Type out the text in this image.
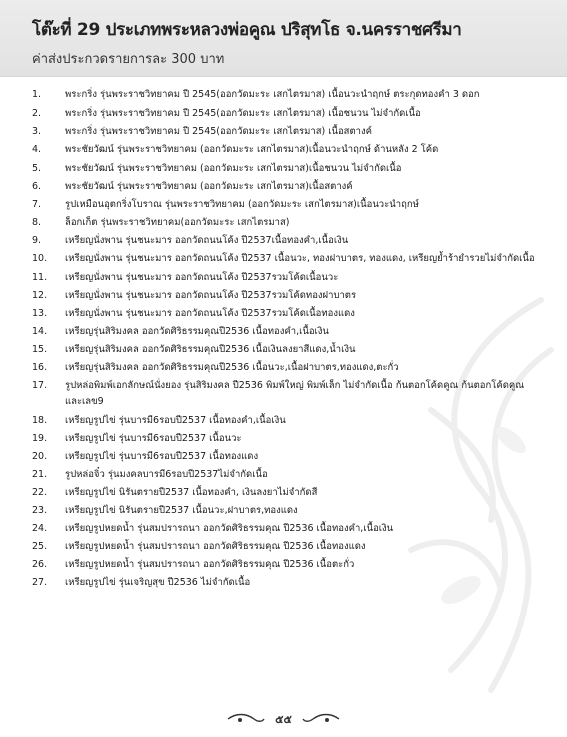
โต๊ะที่ 29 ประเภทพระหลวงพ่อคูณ ปริสุทโธ จ.นครราชศรีมา
ค่าส่งประกวดรายการละ 300 บาท
1.	พระกริ่ง รุ่นพระราชวิทยาคม ปี 2545(ออกวัดมะระ เสกไตรมาส) เนื้อนวะนำฤกษ์ ตระกุดทองคำ 3 ดอก
2.	พระกริ่ง รุ่นพระราชวิทยาคม ปี 2545(ออกวัดมะระ เสกไตรมาส) เนื้อชนวน ไม่จำกัดเนื้อ
3.	พระกริ่ง รุ่นพระราชวิทยาคม ปี 2545(ออกวัดมะระ เสกไตรมาส) เนื้อสตางค์
4.	พระชัยวัฒน์ รุ่นพระราชวิทยาคม (ออกวัดมะระ เสกไตรมาส)เนื้อนวะนำฤกษ์ ด้านหลัง 2 โค้ด
5.	พระชัยวัฒน์ รุ่นพระราชวิทยาคม (ออกวัดมะระ เสกไตรมาส)เนื้อชนวน ไม่จำกัดเนื้อ
6.	พระชัยวัฒน์ รุ่นพระราชวิทยาคม (ออกวัดมะระ เสกไตรมาส)เนื้อสตางค์
7.	รูปเหมือนอุตกริ่งโบราณ รุ่นพระราชวิทยาคม (ออกวัดมะระ เสกไตรมาส)เนื้อนวะนำฤกษ์
8.	ล็อกเก็ต รุ่นพระราชวิทยาคม(ออกวัดมะระ เสกไตรมาส)
9.	เหรียญนั่งพาน รุ่นชนะมาร ออกวัดถนนโค้ง ปี2537เนื้อทองคำ,เนื้อเงิน
10.	เหรียญนั่งพาน รุ่นชนะมาร ออกวัดถนนโค้ง ปี2537 เนื้อนวะ, ทองฝาบาตร, ทองแดง, เหรียญย้ำร้ายำรวยไม่จำกัดเนื้อ
11.	เหรียญนั่งพาน รุ่นชนะมาร ออกวัดถนนโค้ง ปี2537รวมโค้ดเนื้อนวะ
12.	เหรียญนั่งพาน รุ่นชนะมาร ออกวัดถนนโค้ง ปี2537รวมโค้ดทองฝาบาตร
13.	เหรียญนั่งพาน รุ่นชนะมาร ออกวัดถนนโค้ง ปี2537รวมโค้ดเนื้อทองแดง
14.	เหรียญรุ่นสิริมงคล ออกวัดศิริธรรมคุณปี2536 เนื้อทองคำ,เนื้อเงิน
15.	เหรียญรุ่นสิริมงคล ออกวัดศิริธรรมคุณปี2536 เนื้อเงินลงยาสีแดง,น้ำเงิน
16.	เหรียญรุ่นสิริมงคล ออกวัดศิริธรรมคุณปี2536 เนื้อนวะ,เนื้อฝาบาตร,ทองแดง,ตะกั่ว
17.	รูปหล่อพิมพ์เอกลักษณ์นั่งยอง รุ่นสิริมงคล ปี2536 พิมพ์ใหญ่ พิมพ์เล็ก ไม่จำกัดเนื้อ ก้นตอกโค้ดคูณ ก้นตอกโค้ดคูณ และเลข9
18.	เหรียญรูปไข่ รุ่นบารมี6รอบปี2537 เนื้อทองคำ,เนื้อเงิน
19.	เหรียญรูปไข่ รุ่นบารมี6รอบปี2537 เนื้อนวะ
20.	เหรียญรูปไข่ รุ่นบารมี6รอบปี2537 เนื้อทองแดง
21.	รูปหล่อจิ๋ว รุ่นมงคลบารมี6รอบปี2537ไม่จำกัดเนื้อ
22.	เหรียญรูปไข่ นิรันตรายปี2537 เนื้อทองคำ, เงินลงยาไม่จำกัดสี
23.	เหรียญรูปไข่ นิรันตรายปี2537 เนื้อนวะ,ฝาบาตร,ทองแดง
24.	เหรียญรูปหยดน้ำ รุ่นสมปรารถนา ออกวัดศิริธรรมคุณ ปี2536 เนื้อทองคำ,เนื้อเงิน
25.	เหรียญรูปหยดน้ำ รุ่นสมปรารถนา ออกวัดศิริธรรมคุณ ปี2536 เนื้อทองแดง
26.	เหรียญรูปหยดน้ำ รุ่นสมปรารถนา ออกวัดศิริธรรมคุณ ปี2536 เนื้อตะกั่ว
27.	เหรียญรูปไข่ รุ่นเจริญสุข ปี2536 ไม่จำกัดเนื้อ
๕๕
